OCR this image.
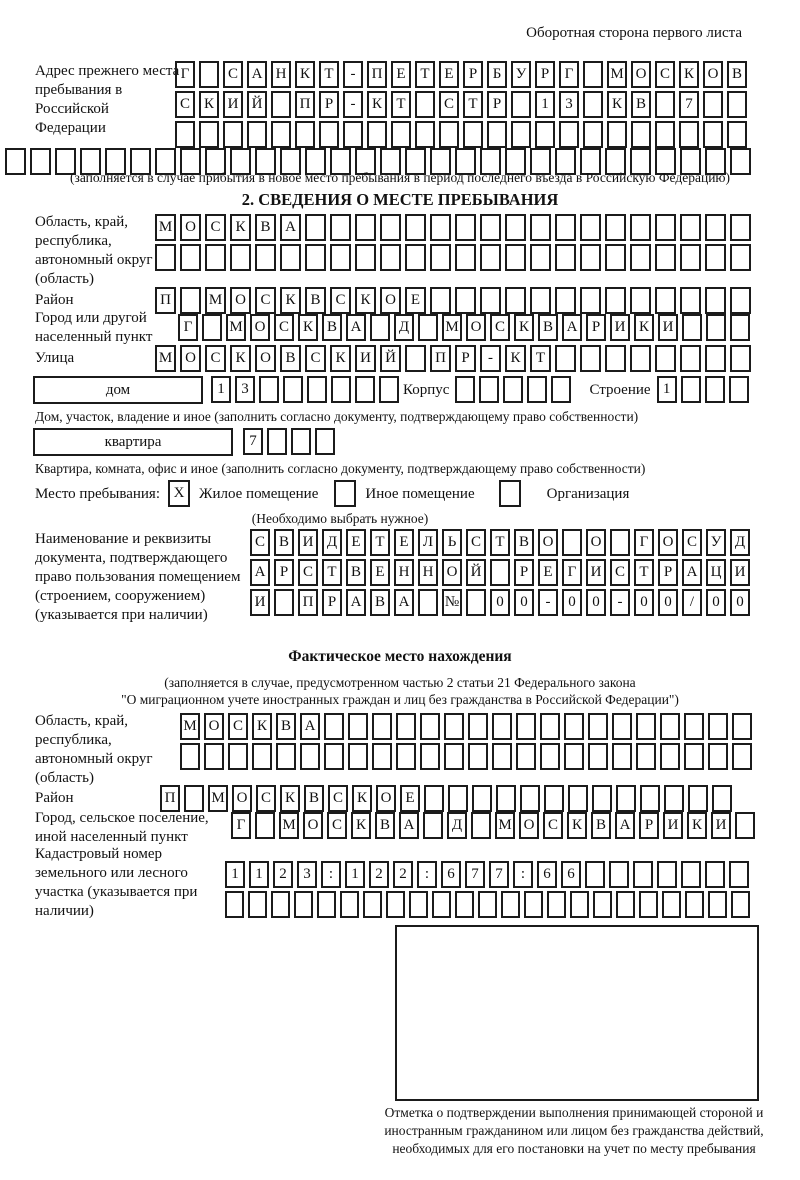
Оборотная сторона первого листа
Адрес прежнего места пребывания в Российской Федерации
Г	С А Н К Т - П Е Т Е Р Б У Р Г М О С К О В
С К И Й П Р - К Т	С Т Р	1 3	К В	7
(заполняется в случае прибытия в новое место пребывания в период последнего въезда в Российскую Федерацию)
2. СВЕДЕНИЯ О МЕСТЕ ПРЕБЫВАНИЯ
Область, край, республика, автономный округ (область)
М О С К В А
Район	П	М О С К В С К О Е
Город или другой населенный пункт
Г М О С К В А Д М О С К В А Р И К И
Улица	М О С К О В С К И Й	П Р - К Т
дом	1 3	Корпус	Строение 1
Дом, участок, владение и иное (заполнить согласно документу, подтверждающему право собственности)
квартира	7
Квартира, комната, офис и иное (заполнить согласно документу, подтверждающему право собственности)
Место пребывания: X Жилое помещение	Иное помещение	Организация
(Необходимо выбрать нужное)
Наименование и реквизиты документа, подтверждающего право пользования помещением (строением, сооружением) (указывается при наличии)
С В И Д Е Т Е Л Ь С Т В О О	Г О С У Д
А Р С Т В Е Н Н О Й	Р Е Г И С Т Р А Ц И
И П Р А В А № 0 0 - 0 0 - 0 0 / 0 0
Фактическое место нахождения
(заполняется в случае, предусмотренном частью 2 статьи 21 Федерального закона
"О миграционном учете иностранных граждан и лиц без гражданства в Российской Федерации")
Область, край, республика, автономный округ (область)
М О С К В А
Район	П М О С К В С К О Е
Город, сельское поселение, иной населенный пункт
Г М О С К В А Д М О С К В А Р И К И
Кадастровый номер земельного или лесного участка (указывается при наличии)
1 1 2 3 : 1 2 2 : 6 7 7 : 6 6
Отметка о подтверждении выполнения принимающей стороной и иностранным гражданином или лицом без гражданства действий, необходимых для его постановки на учет по месту пребывания
